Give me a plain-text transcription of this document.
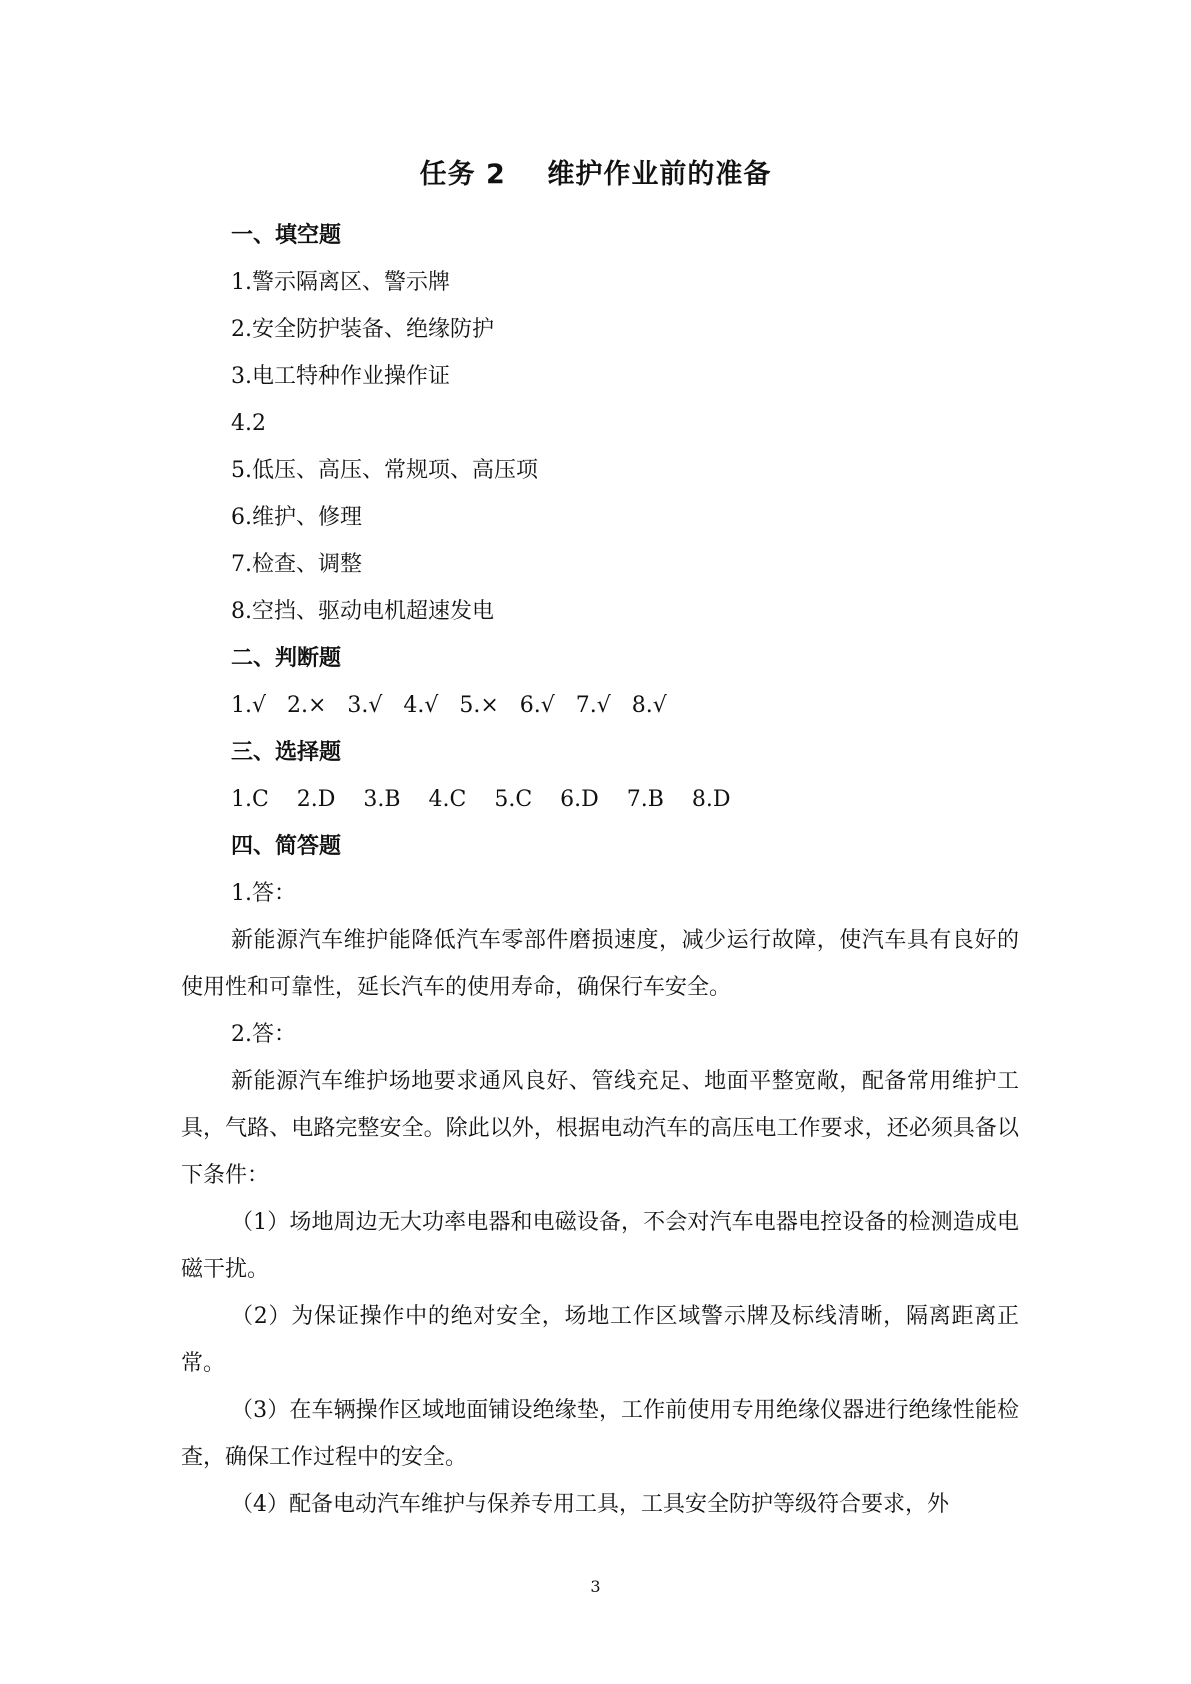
任务 2    维护作业前的准备
一、填空题
1.警示隔离区、警示牌
2.安全防护装备、绝缘防护
3.电工特种作业操作证
4.2
5.低压、高压、常规项、高压项
6.维护、修理
7.检查、调整
8.空挡、驱动电机超速发电
二、判断题
1.√   2.×   3.√   4.√   5.×   6.√   7.√   8.√
三、选择题
1.C    2.D    3.B    4.C    5.C    6.D    7.B    8.D
四、简答题
1.答：
新能源汽车维护能降低汽车零部件磨损速度，减少运行故障，使汽车具有良好的使用性和可靠性，延长汽车的使用寿命，确保行车安全。
2.答：
新能源汽车维护场地要求通风良好、管线充足、地面平整宽敞，配备常用维护工具，气路、电路完整安全。除此以外，根据电动汽车的高压电工作要求，还必须具备以下条件：
（1）场地周边无大功率电器和电磁设备，不会对汽车电器电控设备的检测造成电磁干扰。
（2）为保证操作中的绝对安全，场地工作区域警示牌及标线清晰，隔离距离正常。
（3）在车辆操作区域地面铺设绝缘垫，工作前使用专用绝缘仪器进行绝缘性能检查，确保工作过程中的安全。
（4）配备电动汽车维护与保养专用工具，工具安全防护等级符合要求，外
3
